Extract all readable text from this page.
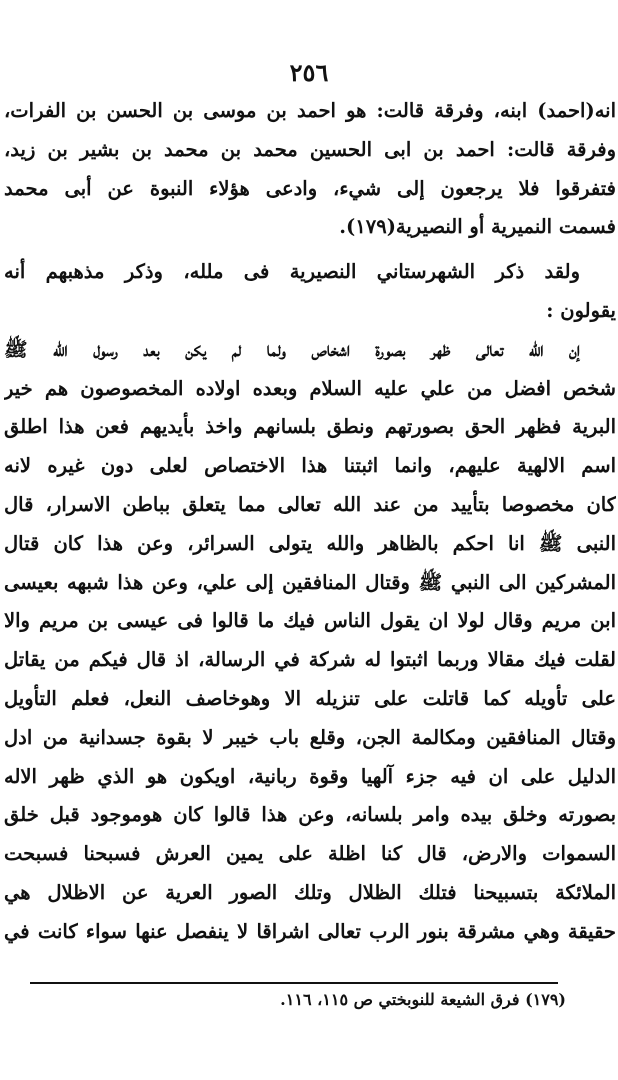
٢٥٦
انه(احمد) ابنه، وفرقة قالت: هو احمد بن موسى بن الحسن بن الفرات،
وفرقة قالت: احمد بن ابى الحسين محمد بن محمد بن بشير بن زيد،
فتفرقوا فلا يرجعون إلى شيء، وادعى هؤلاء النبوة عن أبى محمد
فسمت النميرية أو النصيرية(١٧٩).
ولقد ذكر الشهرستاني النصيرية فى ملله، وذكر مذهبهم أنه
يقولون :
إن الله تعالى ظهر بصورة اشخاص ولما لم يكن بعد رسول الله ﷺ
شخص افضل من علي عليه السلام وبعده اولاده المخصوصون هم خير
البرية فظهر الحق بصورتهم ونطق بلسانهم واخذ بأيديهم فعن هذا اطلق
اسم الالهية عليهم، وانما اثبتنا هذا الاختصاص لعلى دون غيره لانه
كان مخصوصا بتأييد من عند الله تعالى مما يتعلق بباطن الاسرار، قال
النبى ﷺ انا احكم بالظاهر والله يتولى السرائر، وعن هذا كان قتال
المشركين الى النبي ﷺ وقتال المنافقين إلى علي، وعن هذا شبهه بعيسى
ابن مريم وقال لولا ان يقول الناس فيك ما قالوا فى عيسى بن مريم والا
لقلت فيك مقالا وربما اثبتوا له شركة في الرسالة، اذ قال فيكم من يقاتل
على تأويله كما قاتلت على تنزيله الا وهوخاصف النعل، فعلم التأويل
وقتال المنافقين ومكالمة الجن، وقلع باب خيبر لا بقوة جسدانية من ادل
الدليل على ان فيه جزء آلهيا وقوة ربانية، اويكون هو الذي ظهر الاله
بصورته وخلق بيده وامر بلسانه، وعن هذا قالوا كان هوموجود قبل خلق
السموات والارض، قال كنا اظلة على يمين العرش فسبحنا فسبحت
الملائكة بتسبيحنا فتلك الظلال وتلك الصور العرية عن الاظلال هي
حقيقة وهي مشرقة بنور الرب تعالى اشراقا لا ينفصل عنها سواء كانت في
(١٧٩) فرق الشيعة للنوبختي ص ١١٥، ١١٦.
